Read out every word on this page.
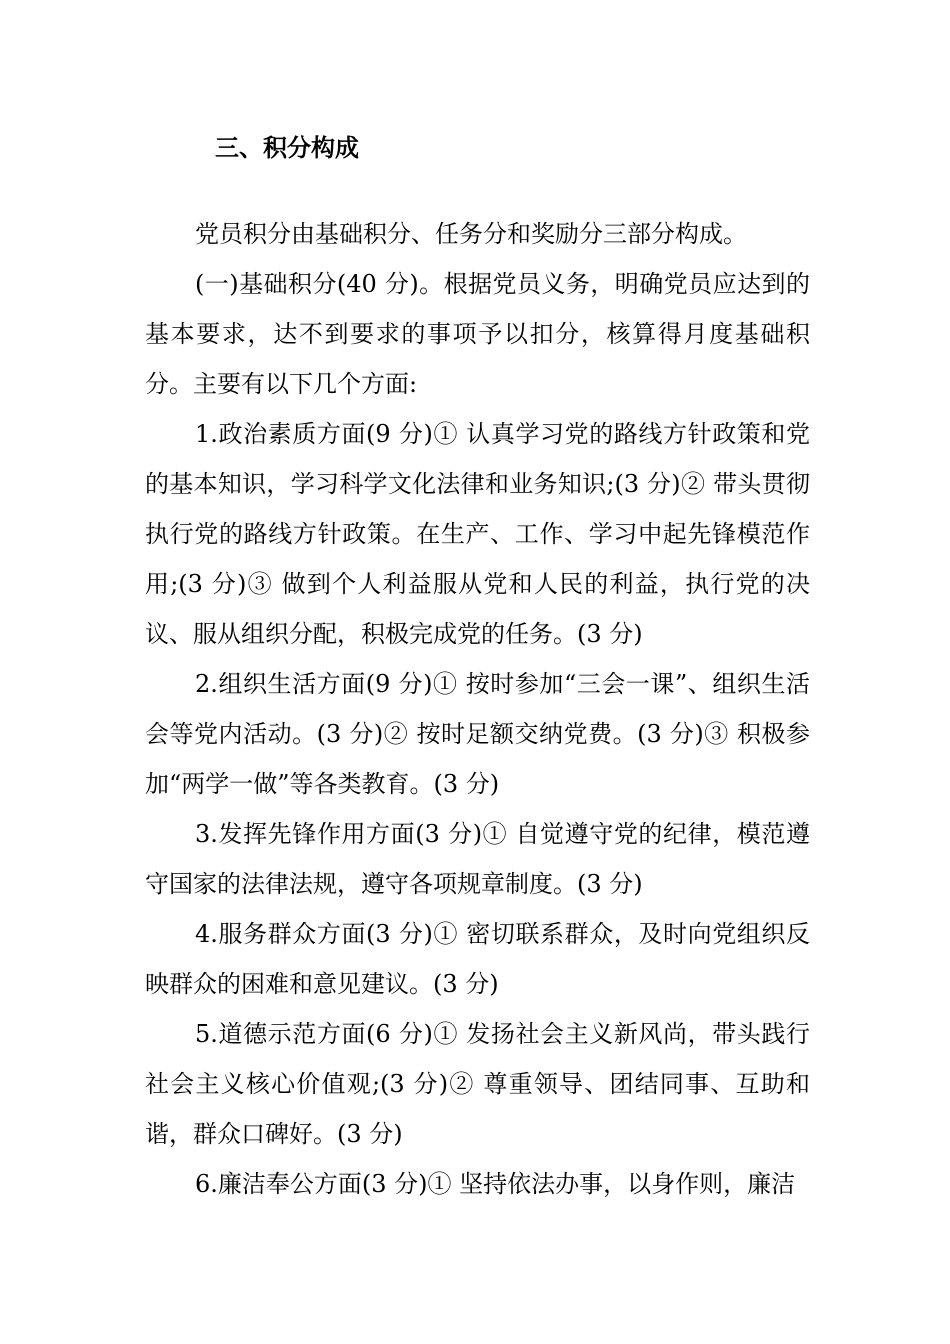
三、积分构成

党员积分由基础积分、任务分和奖励分三部分构成。

(一)基础积分(40 分)。根据党员义务，明确党员应达到的基本要求，达不到要求的事项予以扣分，核算得月度基础积分。主要有以下几个方面:

1.政治素质方面(9 分)① 认真学习党的路线方针政策和党的基本知识，学习科学文化法律和业务知识;(3 分)② 带头贯彻执行党的路线方针政策。在生产、工作、学习中起先锋模范作用;(3 分)③ 做到个人利益服从党和人民的利益，执行党的决议、服从组织分配，积极完成党的任务。(3 分)

2.组织生活方面(9 分)① 按时参加“三会一课”、组织生活会等党内活动。(3 分)② 按时足额交纳党费。(3 分)③ 积极参加“两学一做”等各类教育。(3 分)

3.发挥先锋作用方面(3 分)① 自觉遵守党的纪律，模范遵守国家的法律法规，遵守各项规章制度。(3 分)

4.服务群众方面(3 分)① 密切联系群众，及时向党组织反映群众的困难和意见建议。(3 分)

5.道德示范方面(6 分)① 发扬社会主义新风尚，带头践行社会主义核心价值观;(3 分)② 尊重领导、团结同事、互助和谐，群众口碑好。(3 分)

6.廉洁奉公方面(3 分)① 坚持依法办事，以身作则，廉洁
